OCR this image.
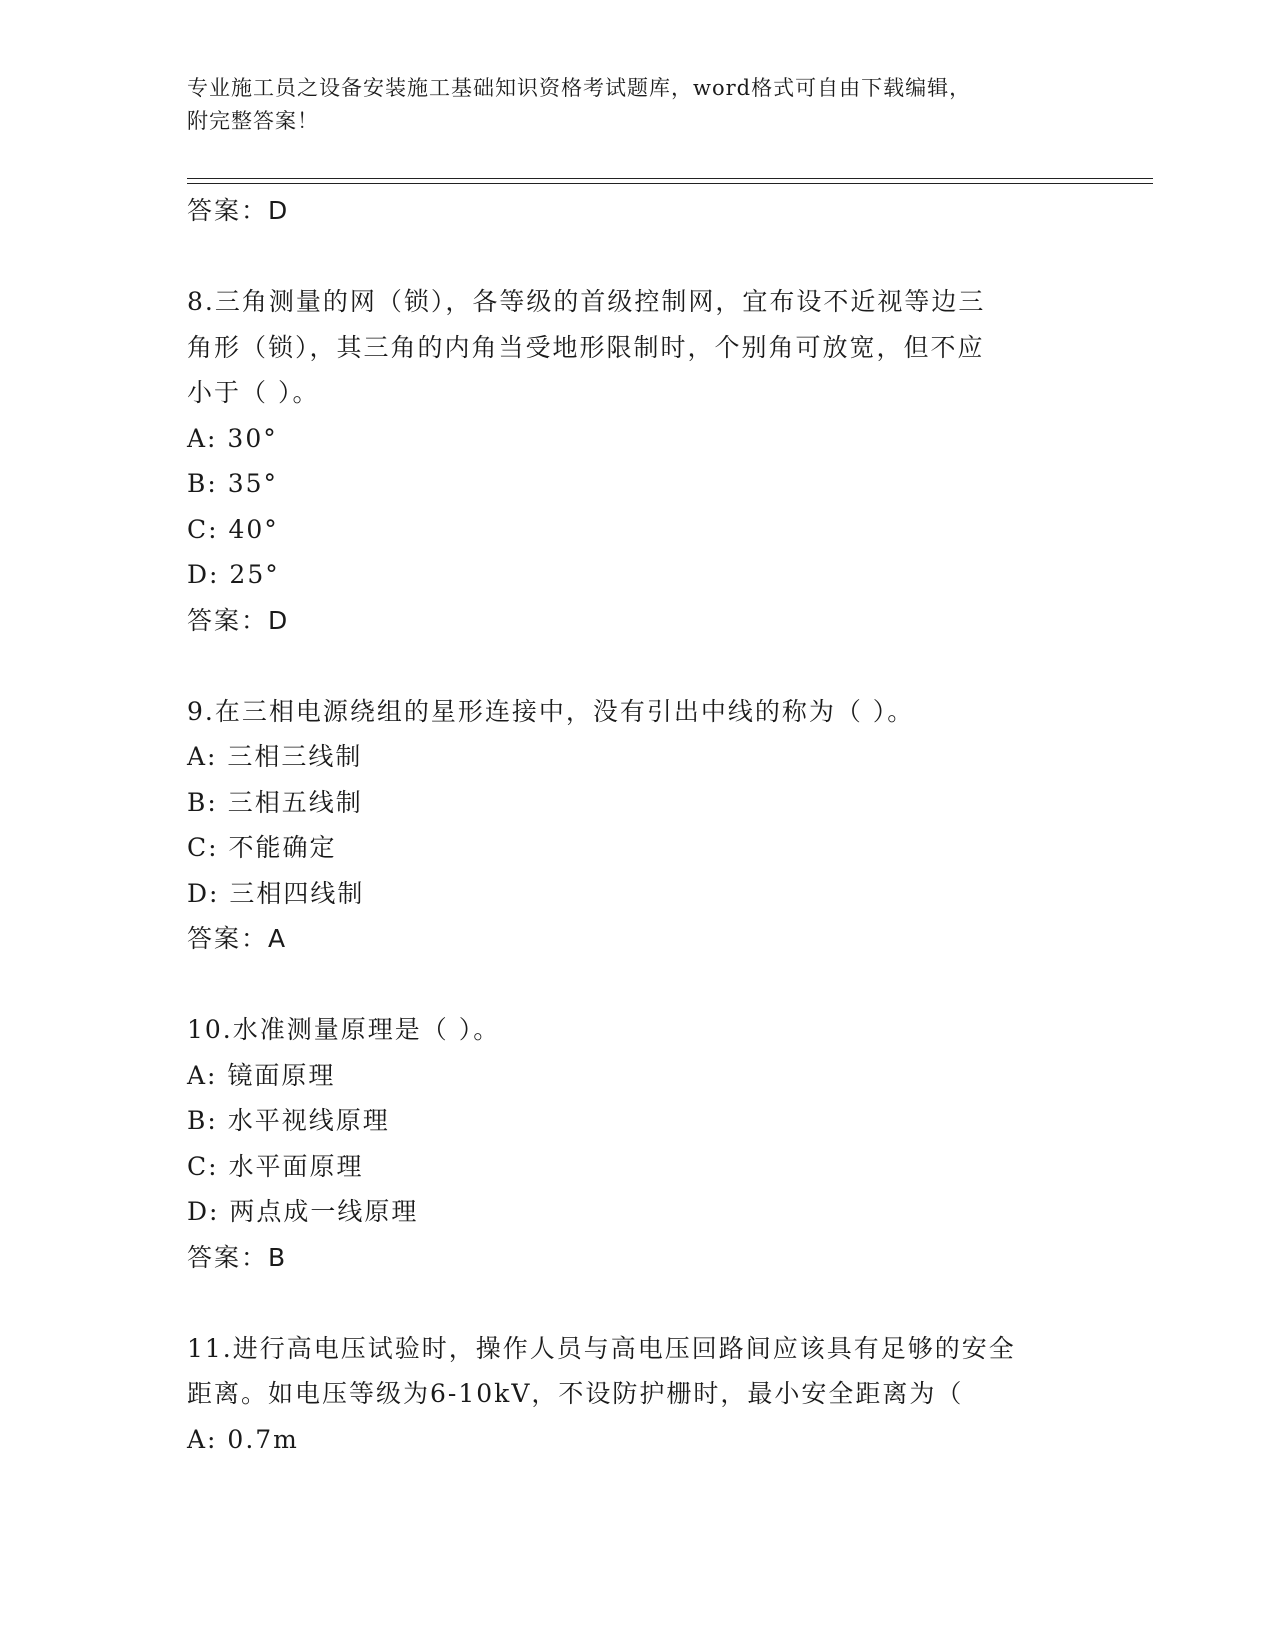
专业施工员之设备安装施工基础知识资格考试题库，word格式可自由下载编辑，
附完整答案！
答案：D
8.三角测量的网（锁），各等级的首级控制网，宜布设不近视等边三
角形（锁），其三角的内角当受地形限制时，个别角可放宽，但不应
小于（ ）。
A: 30°
B: 35°
C: 40°
D: 25°
答案：D
9.在三相电源绕组的星形连接中，没有引出中线的称为（ ）。
A: 三相三线制
B: 三相五线制
C: 不能确定
D: 三相四线制
答案：A
10.水准测量原理是（ ）。
A: 镜面原理
B: 水平视线原理
C: 水平面原理
D: 两点成一线原理
答案：B
11.进行高电压试验时，操作人员与高电压回路间应该具有足够的安全
距离。如电压等级为6-10kV，不设防护栅时，最小安全距离为（
A: 0.7m
